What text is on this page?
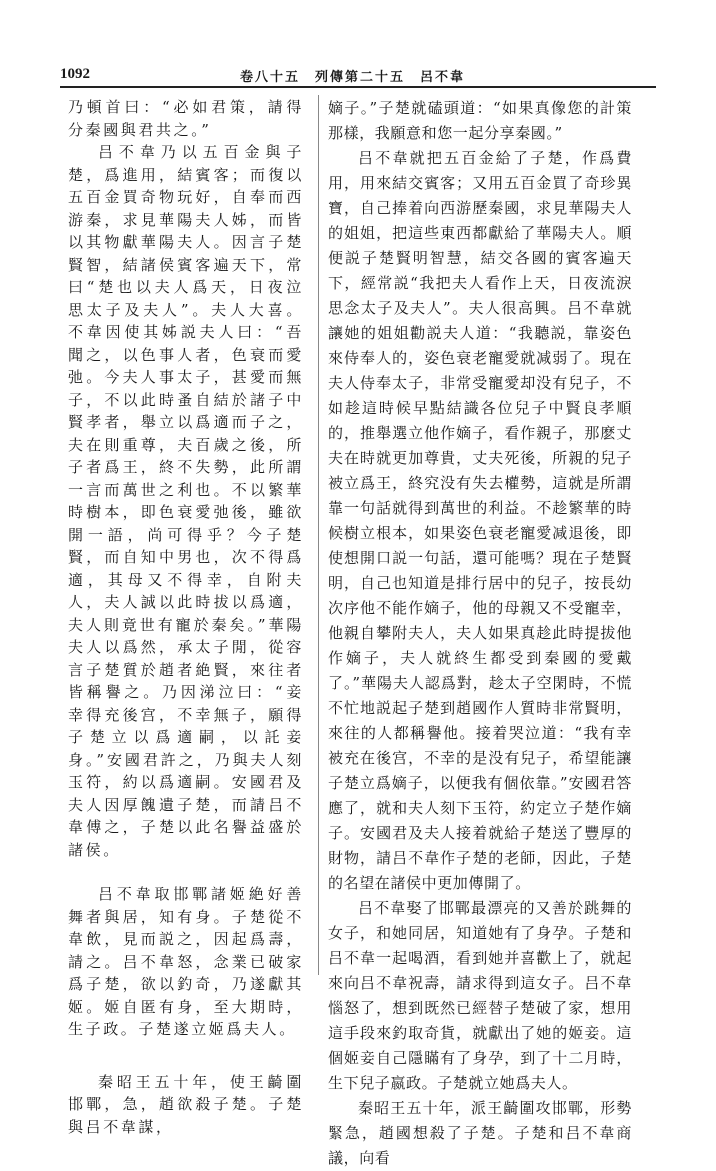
1092	卷八十五　列傳第二十五　呂不韋

乃頓首曰：“必如君策，請得分秦國與君共之。”

吕不韋乃以五百金與子楚，爲進用，結賓客；而復以五百金買奇物玩好，自奉而西游秦，求見華陽夫人姊，而皆以其物獻華陽夫人。因言子楚賢智，結諸侯賓客遍天下，常曰“楚也以夫人爲天，日夜泣思太子及夫人”。夫人大喜。不韋因使其姊説夫人曰：“吾聞之，以色事人者，色衰而愛弛。今夫人事太子，甚愛而無子，不以此時蚤自結於諸子中賢孝者，舉立以爲適而子之，夫在則重尊，夫百歲之後，所子者爲王，終不失勢，此所謂一言而萬世之利也。不以繁華時樹本，即色衰愛弛後，雖欲開一語，尚可得乎？今子楚賢，而自知中男也，次不得爲適，其母又不得幸，自附夫人，夫人誠以此時拔以爲適，夫人則竟世有寵於秦矣。”華陽夫人以爲然，承太子閒，從容言子楚質於趙者絶賢，來往者皆稱譽之。乃因涕泣曰：“妾幸得充後宫，不幸無子，願得子楚立以爲適嗣，以託妾身。”安國君許之，乃與夫人刻玉符，約以爲適嗣。安國君及夫人因厚餽遺子楚，而請吕不韋傅之，子楚以此名譽益盛於諸侯。

吕不韋取邯鄲諸姬絶好善舞者與居，知有身。子楚從不韋飲，見而説之，因起爲壽，請之。吕不韋怒，念業已破家爲子楚，欲以釣奇，乃遂獻其姬。姬自匿有身，至大期時，生子政。子楚遂立姬爲夫人。

秦昭王五十年，使王齮圍邯鄲，急，趙欲殺子楚。子楚與吕不韋謀，

嫡子。”子楚就磕頭道：“如果真像您的計策那樣，我願意和您一起分享秦國。”

吕不韋就把五百金給了子楚，作爲費用，用來結交賓客；又用五百金買了奇珍異寶，自己捧着向西游歷秦國，求見華陽夫人的姐姐，把這些東西都獻給了華陽夫人。順便説子楚賢明智慧，結交各國的賓客遍天下，經常説“我把夫人看作上天，日夜流淚思念太子及夫人”。夫人很高興。吕不韋就讓她的姐姐勸説夫人道：“我聽説，靠姿色來侍奉人的，姿色衰老寵愛就减弱了。現在夫人侍奉太子，非常受寵愛却没有兒子，不如趁這時候早點結識各位兒子中賢良孝順的，推舉選立他作嫡子，看作親子，那麽丈夫在時就更加尊貴，丈夫死後，所親的兒子被立爲王，終究没有失去權勢，這就是所謂靠一句話就得到萬世的利益。不趁繁華的時候樹立根本，如果姿色衰老寵愛减退後，即使想開口説一句話，還可能嗎？現在子楚賢明，自己也知道是排行居中的兒子，按長幼次序他不能作嫡子，他的母親又不受寵幸，他親自攀附夫人，夫人如果真趁此時提拔他作嫡子，夫人就終生都受到秦國的愛戴了。”華陽夫人認爲對，趁太子空閑時，不慌不忙地説起子楚到趙國作人質時非常賢明，來往的人都稱譽他。接着哭泣道：“我有幸被充在後宫，不幸的是没有兒子，希望能讓子楚立爲嫡子，以便我有個依靠。”安國君答應了，就和夫人刻下玉符，約定立子楚作嫡子。安國君及夫人接着就給子楚送了豐厚的財物，請吕不韋作子楚的老師，因此，子楚的名望在諸侯中更加傳開了。

吕不韋娶了邯鄲最漂亮的又善於跳舞的女子，和她同居，知道她有了身孕。子楚和吕不韋一起喝酒，看到她并喜歡上了，就起來向吕不韋祝壽，請求得到這女子。吕不韋惱怒了，想到既然已經替子楚破了家，想用這手段來釣取奇貨，就獻出了她的姬妾。這個姬妾自己隱瞞有了身孕，到了十二月時，生下兒子嬴政。子楚就立她爲夫人。

秦昭王五十年，派王齮圍攻邯鄲，形勢緊急，趙國想殺了子楚。子楚和吕不韋商議，向看
